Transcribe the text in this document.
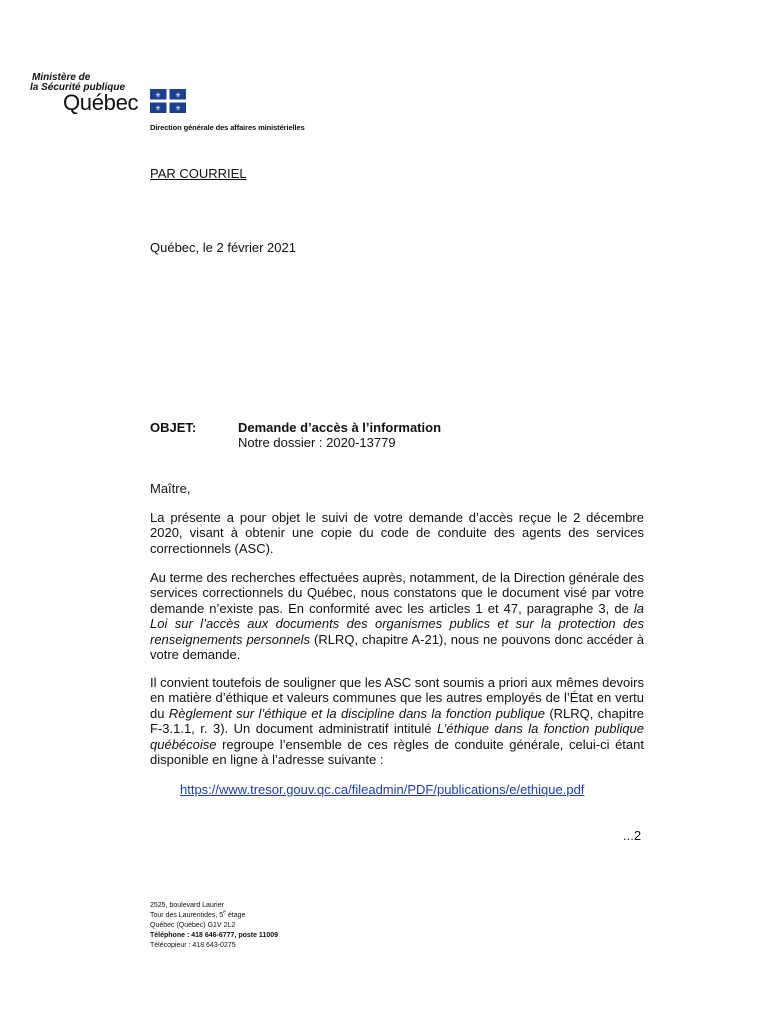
Ministère de
la Sécurité publique
Québec ⚜ ⚜
⚜ ⚜
Direction générale des affaires ministérielles
PAR COURRIEL
Québec, le 2 février 2021
OBJET:	Demande d’accès à l’information
Notre dossier : 2020-13779
Maître,
La présente a pour objet le suivi de votre demande d’accès reçue le 2 décembre 2020, visant à obtenir une copie du code de conduite des agents des services correctionnels (ASC).
Au terme des recherches effectuées auprès, notamment, de la Direction générale des services correctionnels du Québec, nous constatons que le document visé par votre demande n’existe pas. En conformité avec les articles 1 et 47, paragraphe 3, de la Loi sur l’accès aux documents des organismes publics et sur la protection des renseignements personnels (RLRQ, chapitre A-21), nous ne pouvons donc accéder à votre demande.
Il convient toutefois de souligner que les ASC sont soumis a priori aux mêmes devoirs en matière d’éthique et valeurs communes que les autres employés de l’État en vertu du Règlement sur l’éthique et la discipline dans la fonction publique (RLRQ, chapitre F-3.1.1, r. 3). Un document administratif intitulé L’éthique dans la fonction publique québécoise regroupe l’ensemble de ces règles de conduite générale, celui-ci étant disponible en ligne à l’adresse suivante :
https://www.tresor.gouv.qc.ca/fileadmin/PDF/publications/e/ethique.pdf
...2
2525, boulevard Laurier
Tour des Laurentides, 5e étage
Québec (Québec) G1V 2L2
Téléphone : 418 646-6777, poste 11009
Télécopieur : 418 643-0275
